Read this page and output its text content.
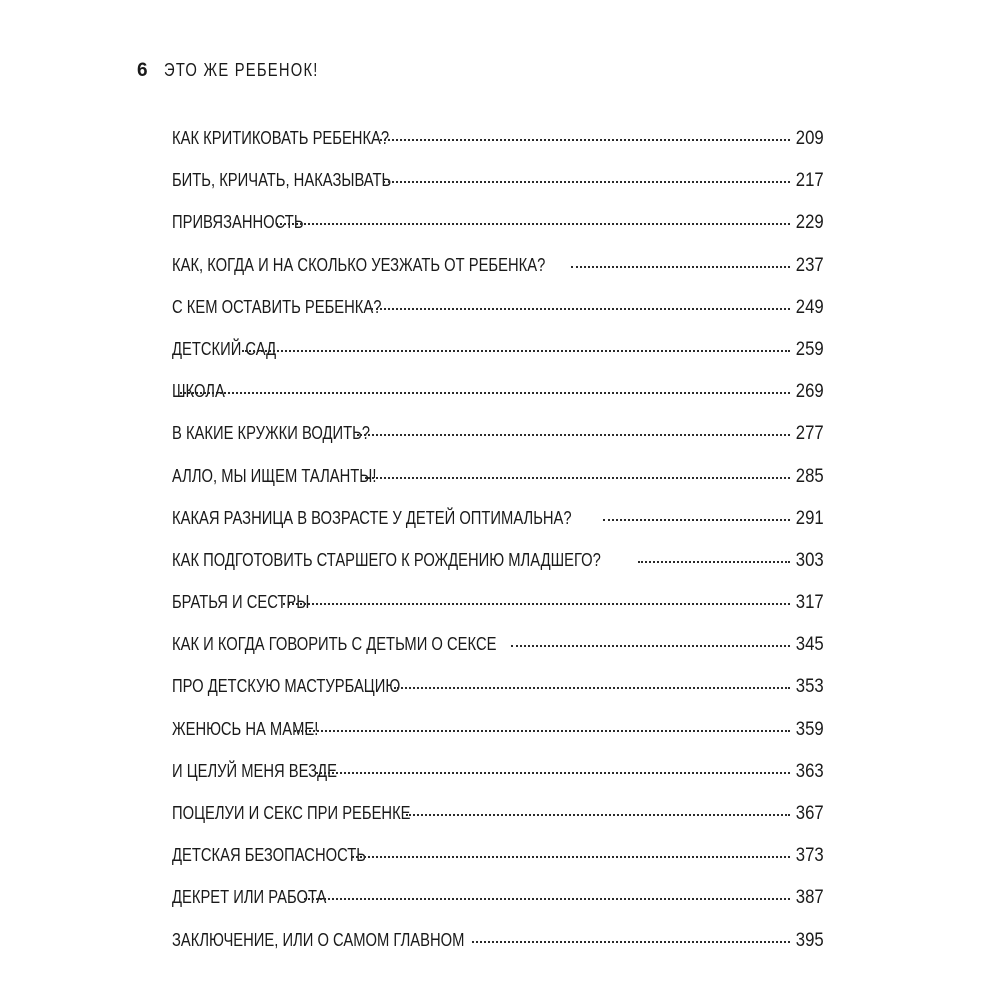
6 ЭТО ЖЕ РЕБЕНОК!
КАК КРИТИКОВАТЬ РЕБЕНКА?	209
БИТЬ, КРИЧАТЬ, НАКАЗЫВАТЬ	217
ПРИВЯЗАННОСТЬ	229
КАК, КОГДА И НА СКОЛЬКО УЕЗЖАТЬ ОТ РЕБЕНКА?	237
С КЕМ ОСТАВИТЬ РЕБЕНКА?	249
ДЕТСКИЙ САД	259
ШКОЛА	269
В КАКИЕ КРУЖКИ ВОДИТЬ?	277
АЛЛО, МЫ ИЩЕМ ТАЛАНТЫ!	285
КАКАЯ РАЗНИЦА В ВОЗРАСТЕ У ДЕТЕЙ ОПТИМАЛЬНА?	291
КАК ПОДГОТОВИТЬ СТАРШЕГО К РОЖДЕНИЮ МЛАДШЕГО?	303
БРАТЬЯ И СЕСТРЫ	317
КАК И КОГДА ГОВОРИТЬ С ДЕТЬМИ О СЕКСЕ	345
ПРО ДЕТСКУЮ МАСТУРБАЦИЮ	353
ЖЕНЮСЬ НА МАМЕ!	359
И ЦЕЛУЙ МЕНЯ ВЕЗДЕ	363
ПОЦЕЛУИ И СЕКС ПРИ РЕБЕНКЕ	367
ДЕТСКАЯ БЕЗОПАСНОСТЬ	373
ДЕКРЕТ ИЛИ РАБОТА	387
ЗАКЛЮЧЕНИЕ, ИЛИ О САМОМ ГЛАВНОМ	395
